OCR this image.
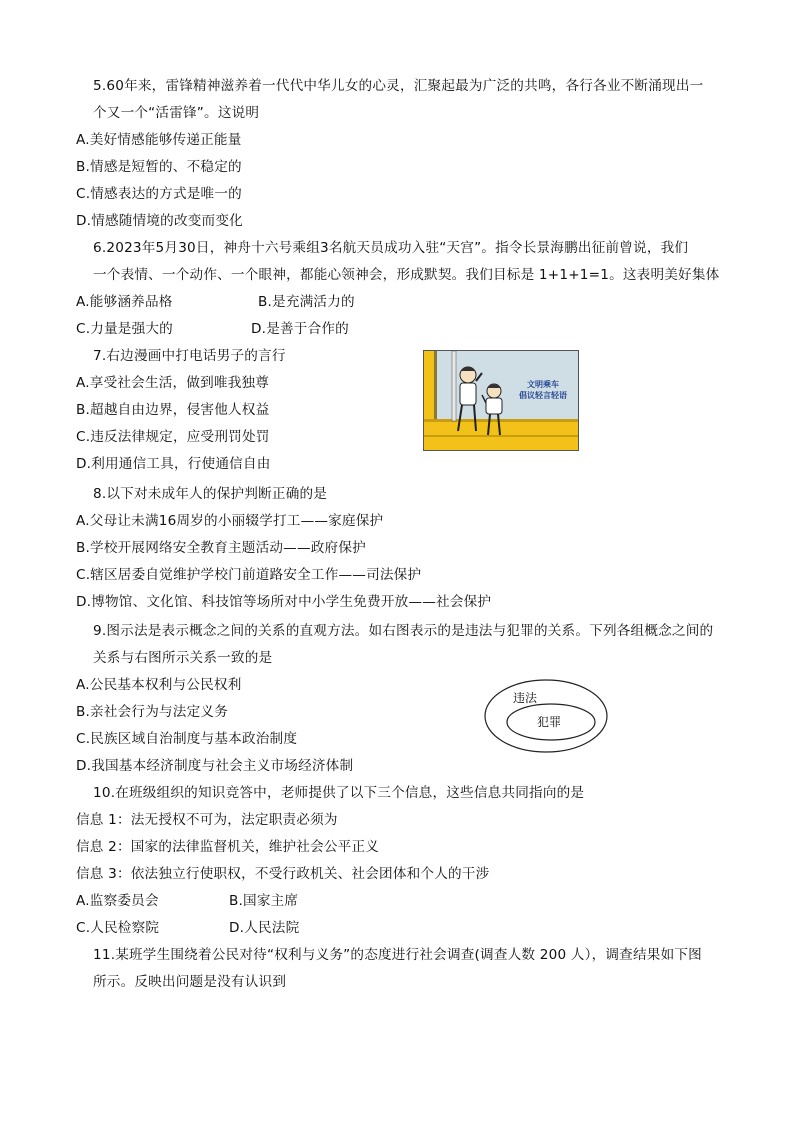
5.60年来，雷锋精神滋养着一代代中华儿女的心灵，汇聚起最为广泛的共鸣，各行各业不断涌现出一
个又一个“活雷锋”。这说明
A.美好情感能够传递正能量
B.情感是短暂的、不稳定的
C.情感表达的方式是唯一的
D.情感随情境的改变而变化
6.2023年5月30日，神舟十六号乘组3名航天员成功入驻“天宫”。指令长景海鹏出征前曾说，我们
一个表情、一个动作、一个眼神，都能心领神会，形成默契。我们目标是 1+1+1=1。这表明美好集体
A.能够涵养品格	B.是充满活力的
C.力量是强大的	D.是善于合作的
7.右边漫画中打电话男子的言行
A.享受社会生活，做到唯我独尊
B.超越自由边界，侵害他人权益
C.违反法律规定，应受刑罚处罚
D.利用通信工具，行使通信自由
文明乘车
倡议轻言轻语
8.以下对未成年人的保护判断正确的是
A.父母让未满16周岁的小丽辍学打工——家庭保护
B.学校开展网络安全教育主题活动——政府保护
C.辖区居委自觉维护学校门前道路安全工作——司法保护
D.博物馆、文化馆、科技馆等场所对中小学生免费开放——社会保护
9.图示法是表示概念之间的关系的直观方法。如右图表示的是违法与犯罪的关系。下列各组概念之间的
关系与右图所示关系一致的是
A.公民基本权利与公民权利
B.亲社会行为与法定义务
C.民族区域自治制度与基本政治制度
D.我国基本经济制度与社会主义市场经济体制
违法
犯罪
10.在班级组织的知识竞答中，老师提供了以下三个信息，这些信息共同指向的是
信息 1：法无授权不可为，法定职责必须为
信息 2：国家的法律监督机关，维护社会公平正义
信息 3：依法独立行使职权，不受行政机关、社会团体和个人的干涉
A.监察委员会	B.国家主席
C.人民检察院	D.人民法院
11.某班学生围绕着公民对待“权利与义务”的态度进行社会调查(调查人数 200 人），调查结果如下图
所示。反映出问题是没有认识到
